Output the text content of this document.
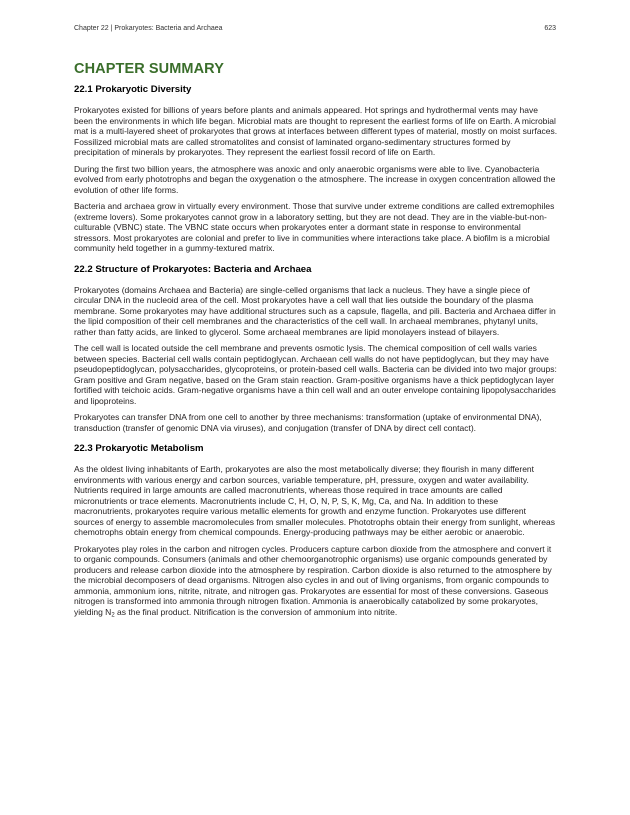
Chapter 22 | Prokaryotes: Bacteria and Archaea	623
CHAPTER SUMMARY
22.1 Prokaryotic Diversity

Prokaryotes existed for billions of years before plants and animals appeared. Hot springs and hydrothermal vents may have been the environments in which life began. Microbial mats are thought to represent the earliest forms of life on Earth. A microbial mat is a multi-layered sheet of prokaryotes that grows at interfaces between different types of material, mostly on moist surfaces. Fossilized microbial mats are called stromatolites and consist of laminated organo-sedimentary structures formed by precipitation of minerals by prokaryotes. They represent the earliest fossil record of life on Earth.

During the first two billion years, the atmosphere was anoxic and only anaerobic organisms were able to live. Cyanobacteria evolved from early phototrophs and began the oxygenation o the atmosphere. The increase in oxygen concentration allowed the evolution of other life forms.

Bacteria and archaea grow in virtually every environment. Those that survive under extreme conditions are called extremophiles (extreme lovers). Some prokaryotes cannot grow in a laboratory setting, but they are not dead. They are in the viable-but-non-culturable (VBNC) state. The VBNC state occurs when prokaryotes enter a dormant state in response to environmental stressors. Most prokaryotes are colonial and prefer to live in communities where interactions take place. A biofilm is a microbial community held together in a gummy-textured matrix.

22.2 Structure of Prokaryotes: Bacteria and Archaea

Prokaryotes (domains Archaea and Bacteria) are single-celled organisms that lack a nucleus. They have a single piece of circular DNA in the nucleoid area of the cell. Most prokaryotes have a cell wall that lies outside the boundary of the plasma membrane. Some prokaryotes may have additional structures such as a capsule, flagella, and pili. Bacteria and Archaea differ in the lipid composition of their cell membranes and the characteristics of the cell wall. In archaeal membranes, phytanyl units, rather than fatty acids, are linked to glycerol. Some archaeal membranes are lipid monolayers instead of bilayers.

The cell wall is located outside the cell membrane and prevents osmotic lysis. The chemical composition of cell walls varies between species. Bacterial cell walls contain peptidoglycan. Archaean cell walls do not have peptidoglycan, but they may have pseudopeptidoglycan, polysaccharides, glycoproteins, or protein-based cell walls. Bacteria can be divided into two major groups: Gram positive and Gram negative, based on the Gram stain reaction. Gram-positive organisms have a thick peptidoglycan layer fortified with teichoic acids. Gram-negative organisms have a thin cell wall and an outer envelope containing lipopolysaccharides and lipoproteins.

Prokaryotes can transfer DNA from one cell to another by three mechanisms: transformation (uptake of environmental DNA), transduction (transfer of genomic DNA via viruses), and conjugation (transfer of DNA by direct cell contact).

22.3 Prokaryotic Metabolism

As the oldest living inhabitants of Earth, prokaryotes are also the most metabolically diverse; they flourish in many different environments with various energy and carbon sources, variable temperature, pH, pressure, oxygen and water availability. Nutrients required in large amounts are called macronutrients, whereas those required in trace amounts are called micronutrients or trace elements. Macronutrients include C, H, O, N, P, S, K, Mg, Ca, and Na. In addition to these macronutrients, prokaryotes require various metallic elements for growth and enzyme function. Prokaryotes use different sources of energy to assemble macromolecules from smaller molecules. Phototrophs obtain their energy from sunlight, whereas chemotrophs obtain energy from chemical compounds. Energy-producing pathways may be either aerobic or anaerobic.

Prokaryotes play roles in the carbon and nitrogen cycles. Producers capture carbon dioxide from the atmosphere and convert it to organic compounds. Consumers (animals and other chemoorganotrophic organisms) use organic compounds generated by producers and release carbon dioxide into the atmosphere by respiration. Carbon dioxide is also returned to the atmosphere by the microbial decomposers of dead organisms. Nitrogen also cycles in and out of living organisms, from organic compounds to ammonia, ammonium ions, nitrite, nitrate, and nitrogen gas. Prokaryotes are essential for most of these conversions. Gaseous nitrogen is transformed into ammonia through nitrogen fixation. Ammonia is anaerobically catabolized by some prokaryotes, yielding $N_2$ as the final product. Nitrification is the conversion of ammonium into nitrite.
